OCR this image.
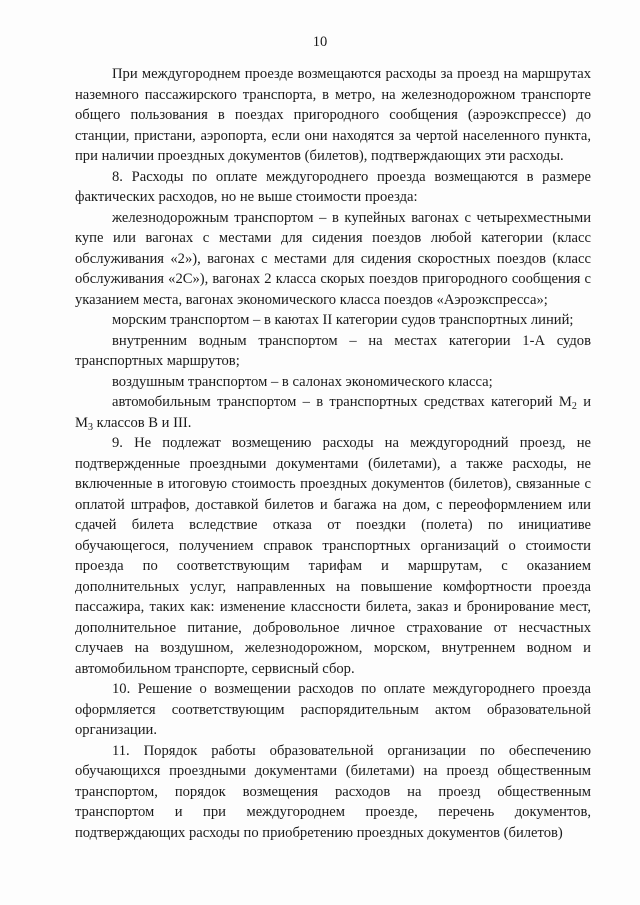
10

При междугороднем проезде возмещаются расходы за проезд на маршрутах наземного пассажирского транспорта, в метро, на железнодорожном транспорте общего пользования в поездах пригородного сообщения (аэроэкспрессе) до станции, пристани, аэропорта, если они находятся за чертой населенного пункта, при наличии проездных документов (билетов), подтверждающих эти расходы.

8. Расходы по оплате междугороднего проезда возмещаются в размере фактических расходов, но не выше стоимости проезда:

железнодорожным транспортом – в купейных вагонах с четырехместными купе или вагонах с местами для сидения поездов любой категории (класс обслуживания «2»), вагонах с местами для сидения скоростных поездов (класс обслуживания «2С»), вагонах 2 класса скорых поездов пригородного сообщения с указанием места, вагонах экономического класса поездов «Аэроэкспресса»;

морским транспортом – в каютах II категории судов транспортных линий;

внутренним водным транспортом – на местах категории 1-А судов транспортных маршрутов;

воздушным транспортом – в салонах экономического класса;

автомобильным транспортом – в транспортных средствах категорий $M_2$ и $M_3$ классов B и III.

9. Не подлежат возмещению расходы на междугородний проезд, не подтвержденные проездными документами (билетами), а также расходы, не включенные в итоговую стоимость проездных документов (билетов), связанные с оплатой штрафов, доставкой билетов и багажа на дом, с переоформлением или сдачей билета вследствие отказа от поездки (полета) по инициативе обучающегося, получением справок транспортных организаций о стоимости проезда по соответствующим тарифам и маршрутам, с оказанием дополнительных услуг, направленных на повышение комфортности проезда пассажира, таких как: изменение классности билета, заказ и бронирование мест, дополнительное питание, добровольное личное страхование от несчастных случаев на воздушном, железнодорожном, морском, внутреннем водном и автомобильном транспорте, сервисный сбор.

10. Решение о возмещении расходов по оплате междугороднего проезда оформляется соответствующим распорядительным актом образовательной организации.

11. Порядок работы образовательной организации по обеспечению обучающихся проездными документами (билетами) на проезд общественным транспортом, порядок возмещения расходов на проезд общественным транспортом и при междугороднем проезде, перечень документов, подтверждающих расходы по приобретению проездных документов (билетов)
